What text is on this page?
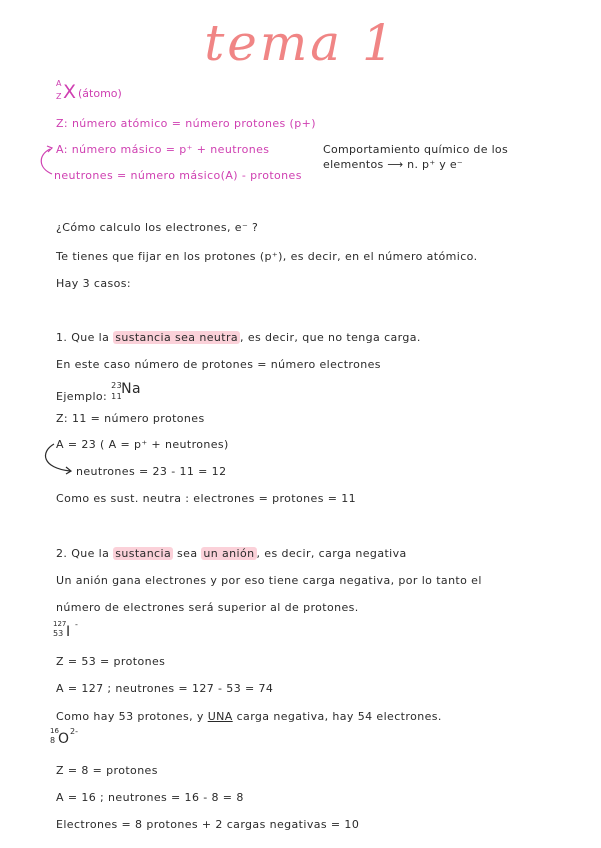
tema 1
A
Z X (átomo)
Z: número atómico = número protones (p+)
A: número másico = p⁺ + neutrones
neutrones = número másico(A) - protones
Comportamiento químico de los
elementos ⟶ n. p⁺ y e⁻
¿Cómo calculo los electrones, e⁻ ?
Te tienes que fijar en los protones (p⁺), es decir, en el número atómico.
Hay 3 casos:
1. Que la sustancia sea neutra , es decir, que no tenga carga.
En este caso número de protones = número electrones
Ejemplo:
23
11 Na
Z: 11 = número protones
A = 23 ( A = p⁺ + neutrones)
neutrones = 23 - 11 = 12
Como es sust. neutra : electrones = protones = 11
2. Que la sustancia sea un anión , es decir, carga negativa
Un anión gana electrones y por eso tiene carga negativa, por lo tanto el
número de electrones será superior al de protones.
127
53 I -
Z = 53 = protones
A = 127 ; neutrones = 127 - 53 = 74
Como hay 53 protones, y UNA carga negativa, hay 54 electrones.
16
8 O 2-
Z = 8 = protones
A = 16 ; neutrones = 16 - 8 = 8
Electrones = 8 protones + 2 cargas negativas = 10
